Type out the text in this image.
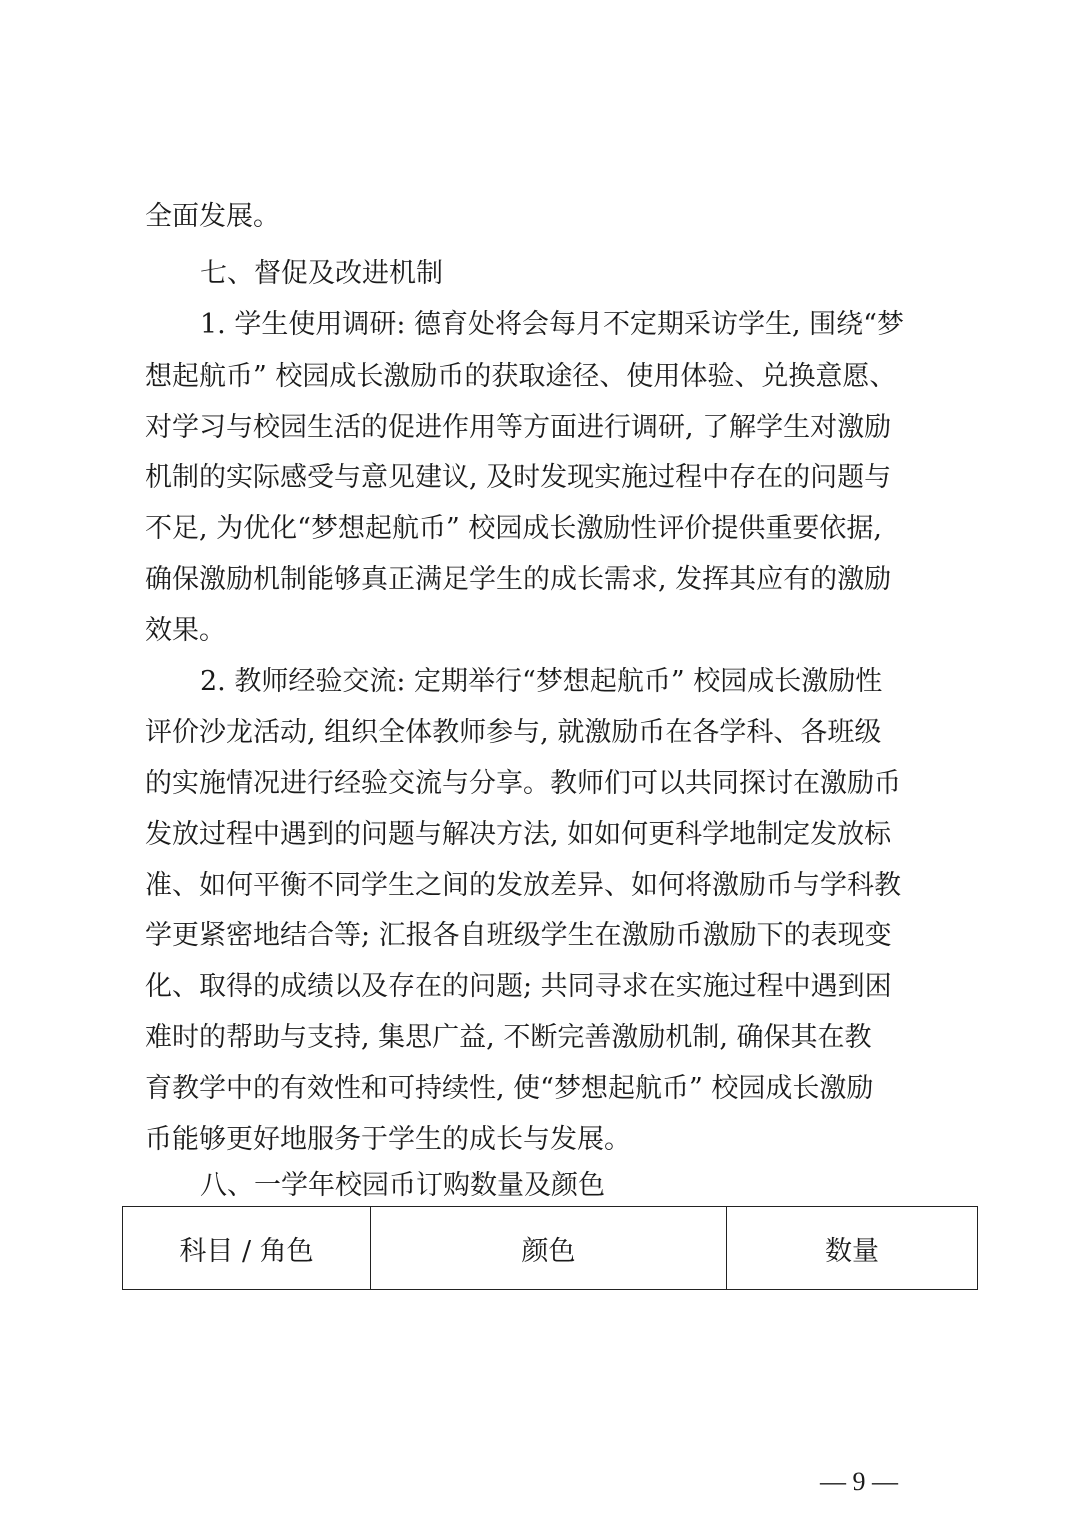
全面发展。
七、督促及改进机制
1. 学生使用调研: 德育处将会每月不定期采访学生, 围绕“梦
想起航币” 校园成长激励币的获取途径、使用体验、兑换意愿、
对学习与校园生活的促进作用等方面进行调研, 了解学生对激励
机制的实际感受与意见建议, 及时发现实施过程中存在的问题与
不足, 为优化“梦想起航币” 校园成长激励性评价提供重要依据,
确保激励机制能够真正满足学生的成长需求, 发挥其应有的激励
效果。
2. 教师经验交流: 定期举行“梦想起航币” 校园成长激励性
评价沙龙活动, 组织全体教师参与, 就激励币在各学科、各班级
的实施情况进行经验交流与分享。教师们可以共同探讨在激励币
发放过程中遇到的问题与解决方法, 如如何更科学地制定发放标
准、如何平衡不同学生之间的发放差异、如何将激励币与学科教
学更紧密地结合等; 汇报各自班级学生在激励币激励下的表现变
化、取得的成绩以及存在的问题; 共同寻求在实施过程中遇到困
难时的帮助与支持, 集思广益, 不断完善激励机制, 确保其在教
育教学中的有效性和可持续性, 使“梦想起航币” 校园成长激励
币能够更好地服务于学生的成长与发展。
八、一学年校园币订购数量及颜色
科目 / 角色	颜色	数量
— 9 —
